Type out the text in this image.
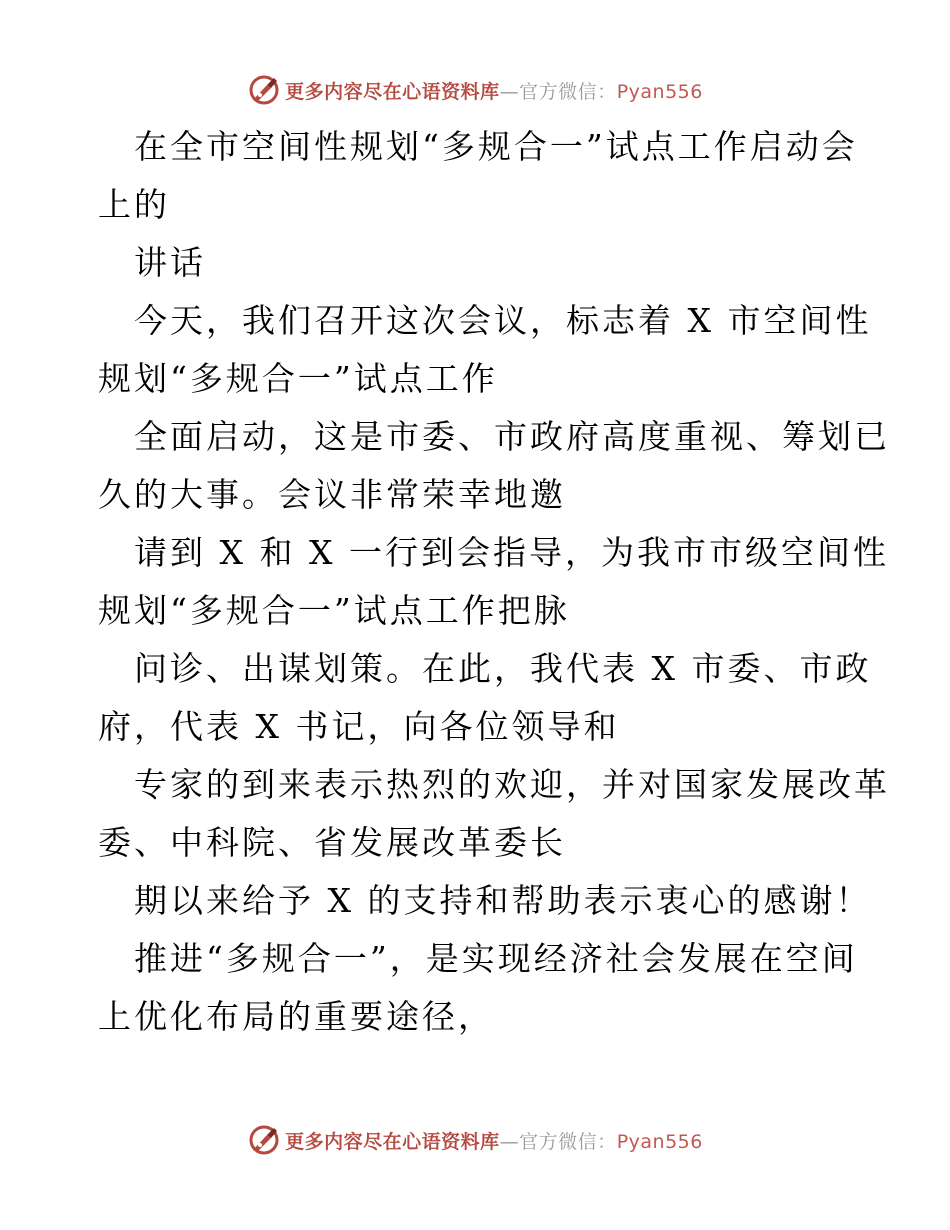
更多内容尽在心语资料库—官方微信：Pyan556
在全市空间性规划“多规合一”试点工作启动会
上的
讲话
今天，我们召开这次会议，标志着 X 市空间性
规划“多规合一”试点工作
全面启动，这是市委、市政府高度重视、筹划已
久的大事。会议非常荣幸地邀
请到 X 和 X 一行到会指导，为我市市级空间性
规划“多规合一”试点工作把脉
问诊、出谋划策。在此，我代表 X 市委、市政
府，代表 X 书记，向各位领导和
专家的到来表示热烈的欢迎，并对国家发展改革
委、中科院、省发展改革委长
期以来给予 X 的支持和帮助表示衷心的感谢！
推进“多规合一”，是实现经济社会发展在空间
上优化布局的重要途径，
更多内容尽在心语资料库—官方微信：Pyan556
